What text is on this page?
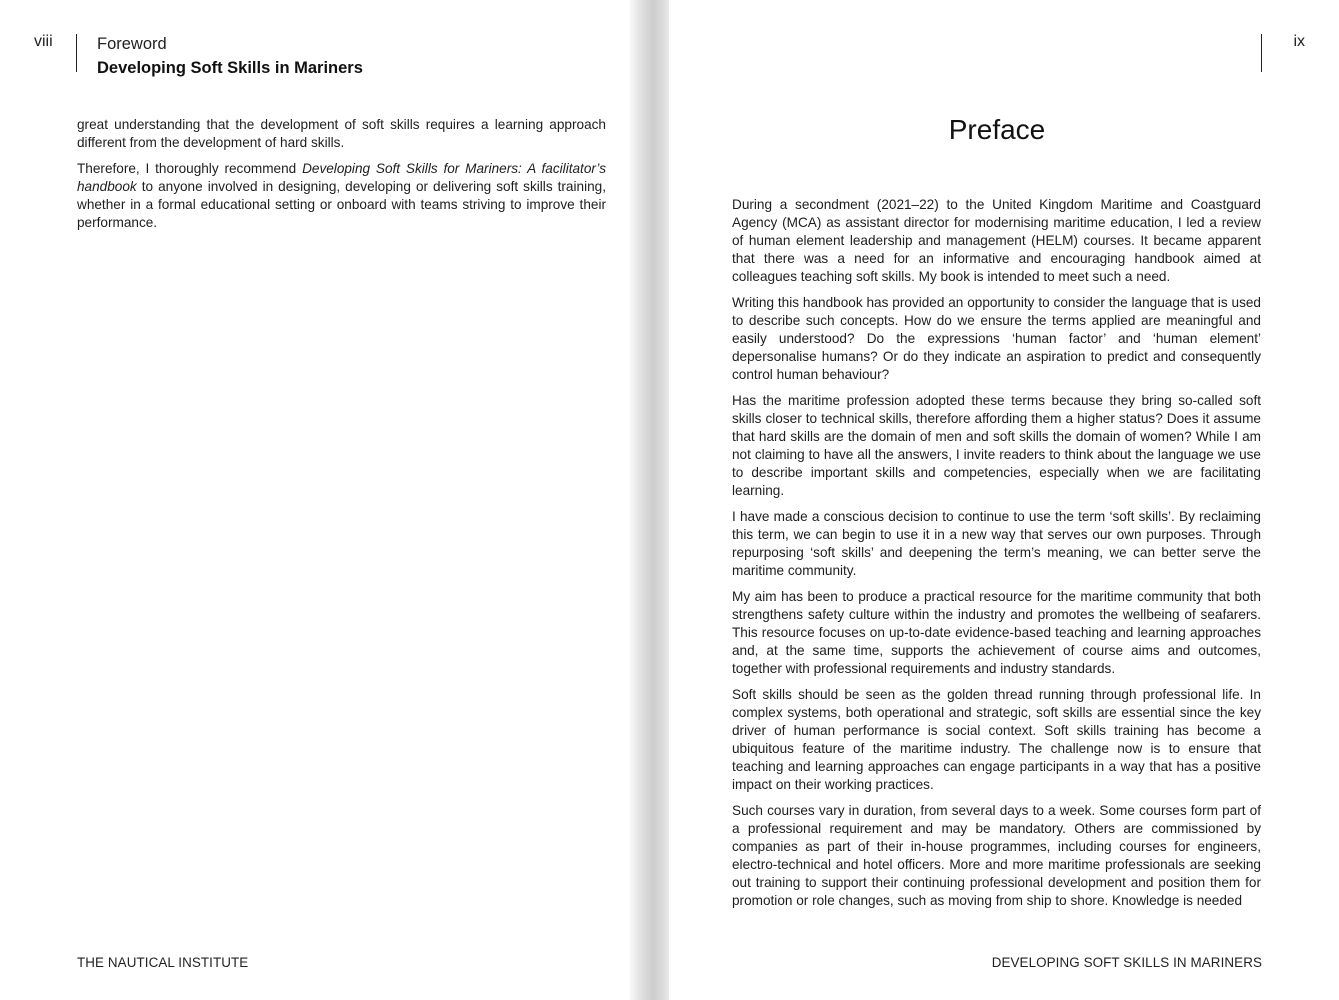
viii	Foreword
Developing Soft Skills in Mariners

great understanding that the development of soft skills requires a learning approach different from the development of hard skills.

Therefore, I thoroughly recommend Developing Soft Skills for Mariners: A facilitator’s handbook to anyone involved in designing, developing or delivering soft skills training, whether in a formal educational setting or onboard with teams striving to improve their performance.

THE NAUTICAL INSTITUTE
ix
Preface

During a secondment (2021–22) to the United Kingdom Maritime and Coastguard Agency (MCA) as assistant director for modernising maritime education, I led a review of human element leadership and management (HELM) courses. It became apparent that there was a need for an informative and encouraging handbook aimed at colleagues teaching soft skills. My book is intended to meet such a need.

Writing this handbook has provided an opportunity to consider the language that is used to describe such concepts. How do we ensure the terms applied are meaningful and easily understood? Do the expressions ‘human factor’ and ‘human element’ depersonalise humans? Or do they indicate an aspiration to predict and consequently control human behaviour?

Has the maritime profession adopted these terms because they bring so-called soft skills closer to technical skills, therefore affording them a higher status? Does it assume that hard skills are the domain of men and soft skills the domain of women? While I am not claiming to have all the answers, I invite readers to think about the language we use to describe important skills and competencies, especially when we are facilitating learning.

I have made a conscious decision to continue to use the term ‘soft skills’. By reclaiming this term, we can begin to use it in a new way that serves our own purposes. Through repurposing ‘soft skills’ and deepening the term’s meaning, we can better serve the maritime community.

My aim has been to produce a practical resource for the maritime community that both strengthens safety culture within the industry and promotes the wellbeing of seafarers. This resource focuses on up-to-date evidence-based teaching and learning approaches and, at the same time, supports the achievement of course aims and outcomes, together with professional requirements and industry standards.

Soft skills should be seen as the golden thread running through professional life. In complex systems, both operational and strategic, soft skills are essential since the key driver of human performance is social context. Soft skills training has become a ubiquitous feature of the maritime industry. The challenge now is to ensure that teaching and learning approaches can engage participants in a way that has a positive impact on their working practices.

Such courses vary in duration, from several days to a week. Some courses form part of a professional requirement and may be mandatory. Others are commissioned by companies as part of their in-house programmes, including courses for engineers, electro-technical and hotel officers. More and more maritime professionals are seeking out training to support their continuing professional development and position them for promotion or role changes, such as moving from ship to shore. Knowledge is needed

DEVELOPING SOFT SKILLS IN MARINERS
